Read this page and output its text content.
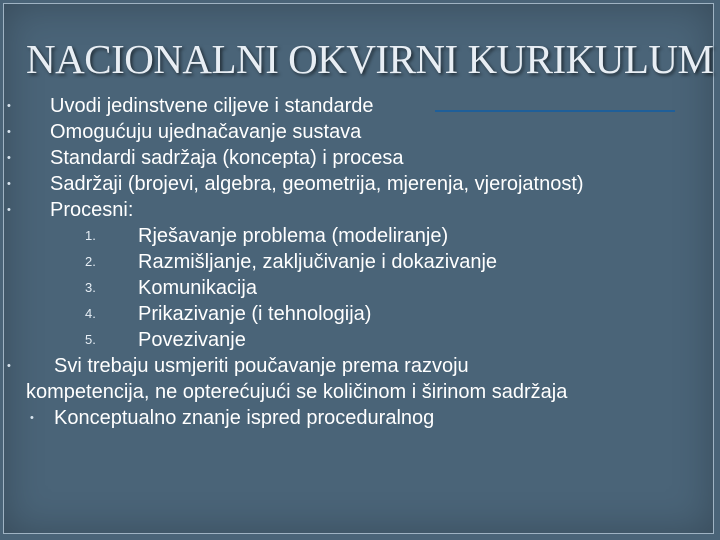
NACIONALNI OKVIRNI KURIKULUM
• Uvodi jedinstvene ciljeve i standarde
• Omogućuju ujednačavanje sustava
• Standardi sadržaja (koncepta) i procesa
• Sadržaji (brojevi, algebra, geometrija, mjerenja, vjerojatnost)
• Procesni:
1. Rješavanje problema (modeliranje)
2. Razmišljanje, zaključivanje i dokazivanje
3. Komunikacija
4. Prikazivanje (i tehnologija)
5. Povezivanje
• Svi trebaju usmjeriti poučavanje prema razvoju
kompetencija, ne opterećujući se količinom i širinom sadržaja
• Konceptualno znanje ispred proceduralnog
